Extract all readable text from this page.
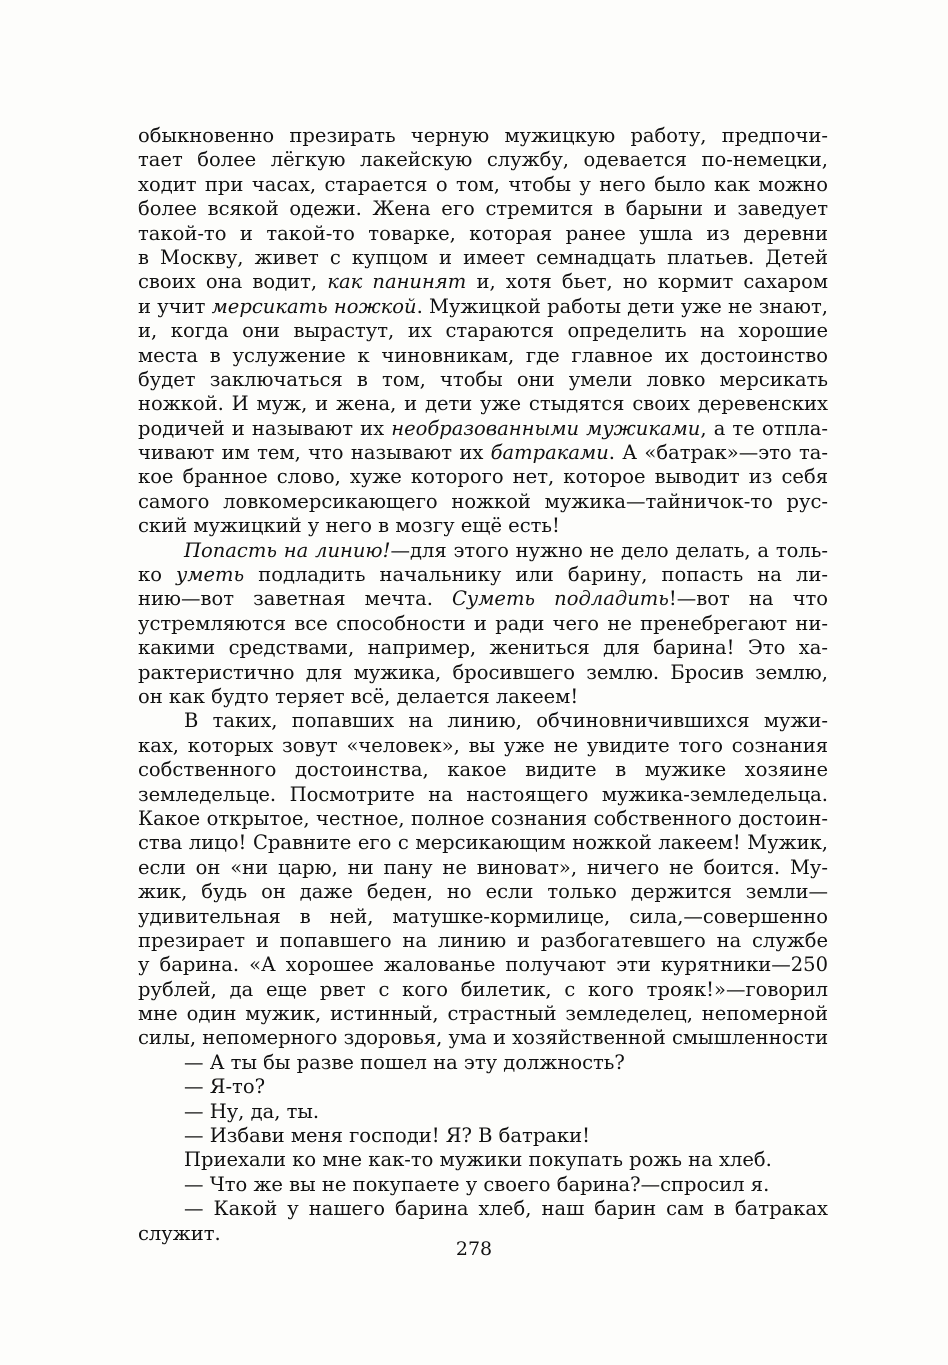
обыкновенно презирать черную мужицкую работу, предпочи-
тает более лёгкую лакейскую службу, одевается по-немецки,
ходит при часах, старается о том, чтобы у него было как можно
более всякой одежи. Жена его стремится в барыни и заведует
такой-то и такой-то товарке, которая ранее ушла из деревни
в Москву, живет с купцом и имеет семнадцать платьев. Детей
своих она водит, как панинят и, хотя бьет, но кормит сахаром
и учит мерсикать ножкой. Мужицкой работы дети уже не знают,
и, когда они вырастут, их стараются определить на хорошие
места в услужение к чиновникам, где главное их достоинство
будет заключаться в том, чтобы они умели ловко мерсикать
ножкой. И муж, и жена, и дети уже стыдятся своих деревенских
родичей и называют их необразованными мужиками, а те отпла-
чивают им тем, что называют их батраками. А «батрак»—это та-
кое бранное слово, хуже которого нет, которое выводит из себя
самого ловкомерсикающего ножкой мужика—тайничок-то рус-
ский мужицкий у него в мозгу ещё есть!
Попасть на линию!—для этого нужно не дело делать, а толь-
ко уметь подладить начальнику или барину, попасть на ли-
нию—вот заветная мечта. Суметь подладить!—вот на что
устремляются все способности и ради чего не пренебрегают ни-
какими средствами, например, жениться для барина! Это ха-
рактеристично для мужика, бросившего землю. Бросив землю,
он как будто теряет всё, делается лакеем!
В таких, попавших на линию, обчиновничившихся мужи-
ках, которых зовут «человек», вы уже не увидите того сознания
собственного достоинства, какое видите в мужике хозяине
земледельце. Посмотрите на настоящего мужика-земледельца.
Какое открытое, честное, полное сознания собственного достоин-
ства лицо! Сравните его с мерсикающим ножкой лакеем! Мужик,
если он «ни царю, ни пану не виноват», ничего не боится. Му-
жик, будь он даже беден, но если только держится земли—
удивительная в ней, матушке-кормилице, сила,—совершенно
презирает и попавшего на линию и разбогатевшего на службе
у барина. «А хорошее жалованье получают эти курятники—250
рублей, да еще рвет с кого билетик, с кого трояк!»—говорил
мне один мужик, истинный, страстный земледелец, непомерной
силы, непомерного здоровья, ума и хозяйственной смышленности
— А ты бы разве пошел на эту должность?
— Я-то?
— Ну, да, ты.
— Избави меня господи! Я? В батраки!
Приехали ко мне как-то мужики покупать рожь на хлеб.
— Что же вы не покупаете у своего барина?—спросил я.
— Какой у нашего барина хлеб, наш барин сам в батраках
служит.
278
